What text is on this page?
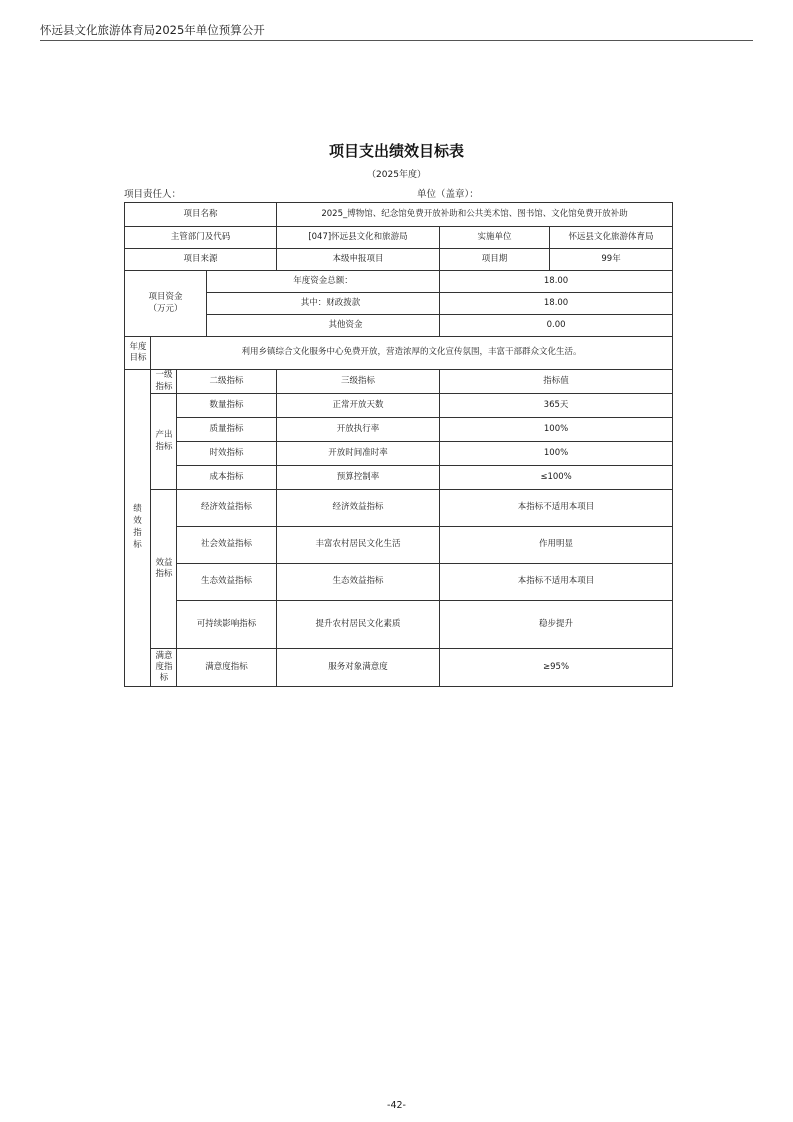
怀远县文化旅游体育局2025年单位预算公开
项目支出绩效目标表
（2025年度）
项目责任人：	单位（盖章）：
项目名称				2025_博物馆、纪念馆免费开放补助和公共美术馆、图书馆、文化馆免费开放补助		
主管部门及代码				[047]怀远县文化和旅游局	实施单位	怀远县文化旅游体育局
项目来源				本级申报项目	项目期	99年

项目资金（万元）			年度资金总额：		18.00	
			其中：财政拨款		18.00	
			其他资金		0.00	

年度目标	利用乡镇综合文化服务中心免费开放，营造浓厚的文化宣传氛围，丰富干部群众文化生活。					

绩效指标	一级指标	二级指标		三级指标	指标值	

	产出指标	数量指标		正常开放天数	365天	
		质量指标		开放执行率	100%	
		时效指标		开放时间准时率	100%	
		成本指标		预算控制率	≤100%	

	效益指标	经济效益指标		经济效益指标	本指标不适用本项目	
		社会效益指标		丰富农村居民文化生活	作用明显	
		生态效益指标		生态效益指标	本指标不适用本项目	
		可持续影响指标		提升农村居民文化素质	稳步提升	

	满意度指标	满意度指标		服务对象满意度	≥95%	
-42-
